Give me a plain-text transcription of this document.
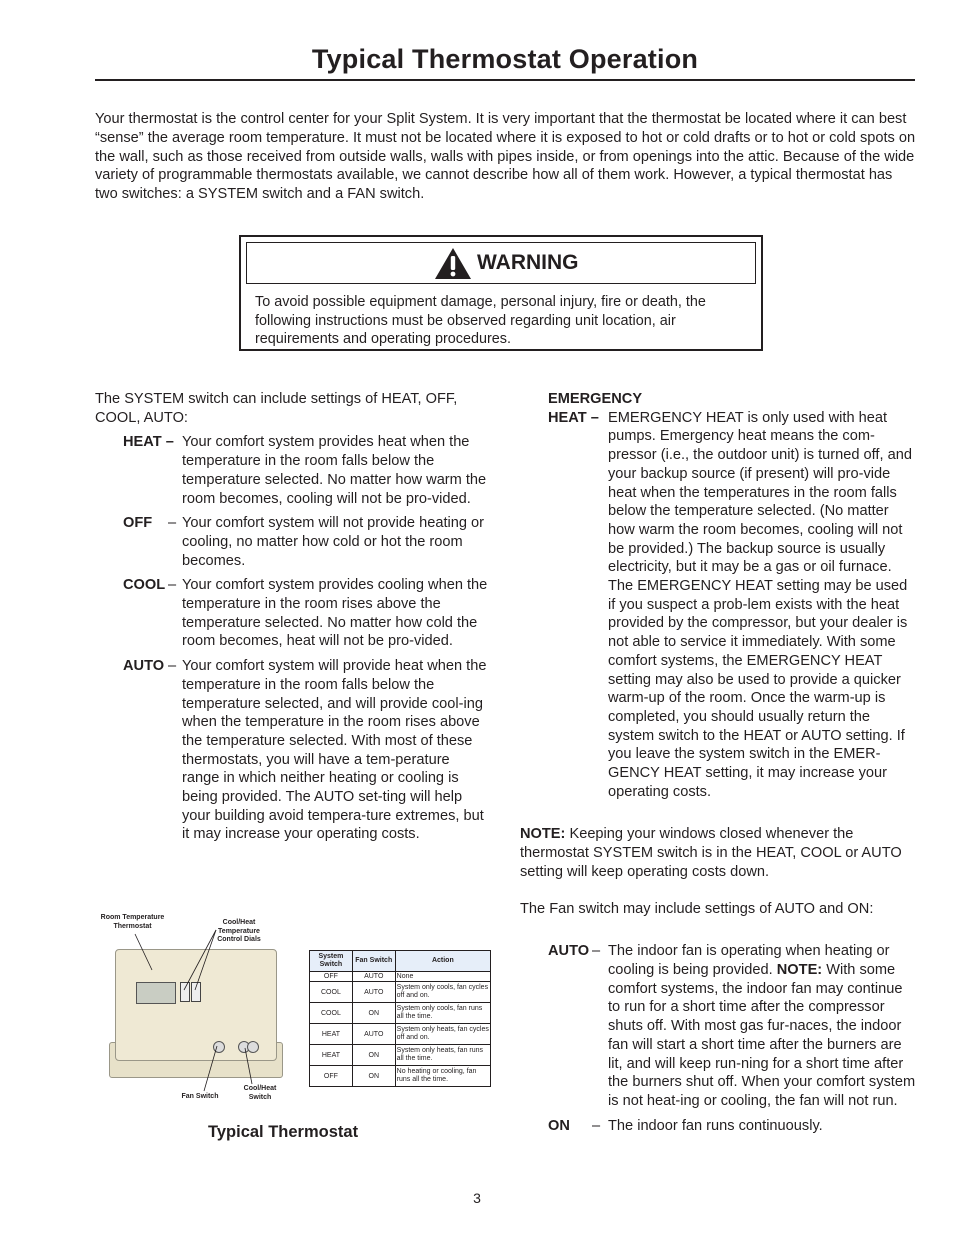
Typical Thermostat Operation
Your thermostat is the control center for your Split System. It is very important that the thermostat be located where it can best “sense” the average room temperature. It must not be located where it is exposed to hot or cold drafts or to hot or cold spots on the wall, such as those received from outside walls, walls with pipes inside, or from openings into the attic. Because of the wide variety of programmable thermostats available, we cannot describe how all of them work. However, a typical thermostat has two switches: a SYSTEM switch and a FAN switch.
WARNING
To avoid possible equipment damage, personal injury, fire or death, the following instructions must be observed regarding unit location, air requirements and operating procedures.

The SYSTEM switch can include settings of HEAT, OFF, COOL, AUTO:

HEAT – Your comfort system provides heat when the temperature in the room falls below the temperature selected. No matter how warm the room becomes, cooling will not be pro-vided.
OFF – Your comfort system will not provide heating or cooling, no matter how cold or hot the room becomes.
COOL – Your comfort system provides cooling when the temperature in the room rises above the temperature selected. No matter how cold the room becomes, heat will not be pro-vided.
AUTO – Your comfort system will provide heat when the temperature in the room falls below the temperature selected, and will provide cool-ing when the temperature in the room rises above the temperature selected. With most of these thermostats, you will have a tem-perature range in which neither heating or cooling is being provided. The AUTO set-ting will help your building avoid tempera-ture extremes, but it may increase your operating costs.
EMERGENCY
HEAT – EMERGENCY HEAT is only used with heat pumps. Emergency heat means the com-pressor (i.e., the outdoor unit) is turned off, and your backup source (if present) will pro-vide heat when the temperatures in the room falls below the temperature selected. (No matter how warm the room becomes, cooling will not be provided.) The backup source is usually electricity, but it may be a gas or oil furnace. The EMERGENCY HEAT setting may be used if you suspect a prob-lem exists with the heat provided by the compressor, but your dealer is not able to service it immediately. With some comfort systems, the EMERGENCY HEAT setting may also be used to provide a quicker warm-up of the room. Once the warm-up is completed, you should usually return the system switch to the HEAT or AUTO setting. If you leave the system switch in the EMER-GENCY HEAT setting, it may increase your operating costs.

NOTE: Keeping your windows closed whenever the thermostat SYSTEM switch is in the HEAT, COOL or AUTO setting will keep operating costs down.

The Fan switch may include settings of AUTO and ON:

AUTO – The indoor fan is operating when heating or cooling is being provided. NOTE: With some comfort systems, the indoor fan may continue to run for a short time after the compressor shuts off. With most gas fur-naces, the indoor fan will start a short time after the burners are lit, and will keep run-ning for a short time after the burners shut off. When your comfort system is not heat-ing or cooling, the fan will not run.
ON – The indoor fan runs continuously.
Room Temperature Thermostat	Cool/Heat Temperature Control Dials
Fan Switch
Cool/Heat Switch
System Switch	Fan Switch	Action
OFF	AUTO	None
COOL	AUTO	System only cools, fan cycles off and on.
COOL	ON	System only cools, fan runs all the time.
HEAT	AUTO	System only heats, fan cycles off and on.
HEAT	ON	System only heats, fan runs all the time.
OFF	ON	No heating or cooling, fan runs all the time.
Typical Thermostat
3
